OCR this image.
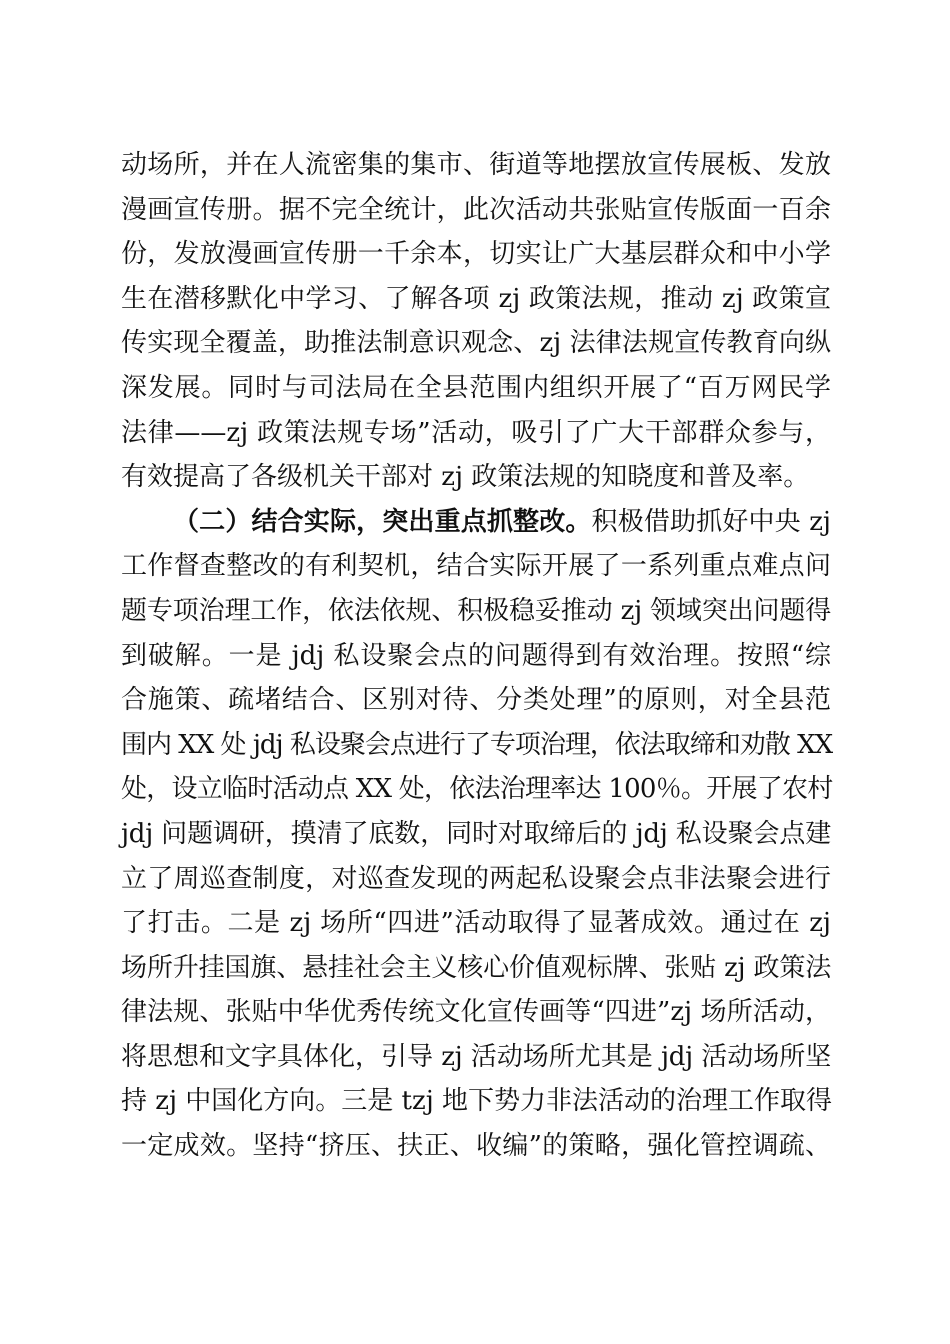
动场所，并在人流密集的集市、街道等地摆放宣传展板、发放
漫画宣传册。据不完全统计，此次活动共张贴宣传版面一百余
份，发放漫画宣传册一千余本，切实让广大基层群众和中小学
生在潜移默化中学习、了解各项 zj 政策法规，推动 zj 政策宣
传实现全覆盖，助推法制意识观念、zj 法律法规宣传教育向纵
深发展。同时与司法局在全县范围内组织开展了“百万网民学
法律——zj 政策法规专场”活动，吸引了广大干部群众参与，
有效提高了各级机关干部对 zj 政策法规的知晓度和普及率。
（二）结合实际，突出重点抓整改。积极借助抓好中央 zj
工作督查整改的有利契机，结合实际开展了一系列重点难点问
题专项治理工作，依法依规、积极稳妥推动 zj 领域突出问题得
到破解。一是 jdj 私设聚会点的问题得到有效治理。按照“综
合施策、疏堵结合、区别对待、分类处理”的原则，对全县范
围内 XX 处 jdj 私设聚会点进行了专项治理，依法取缔和劝散 XX
处，设立临时活动点 XX 处，依法治理率达 100％。开展了农村
jdj 问题调研，摸清了底数，同时对取缔后的 jdj 私设聚会点建
立了周巡查制度，对巡查发现的两起私设聚会点非法聚会进行
了打击。二是 zj 场所“四进”活动取得了显著成效。通过在 zj
场所升挂国旗、悬挂社会主义核心价值观标牌、张贴 zj 政策法
律法规、张贴中华优秀传统文化宣传画等“四进”zj 场所活动，
将思想和文字具体化，引导 zj 活动场所尤其是 jdj 活动场所坚
持 zj 中国化方向。三是 tzj 地下势力非法活动的治理工作取得
一定成效。坚持“挤压、扶正、收编”的策略，强化管控调疏、
